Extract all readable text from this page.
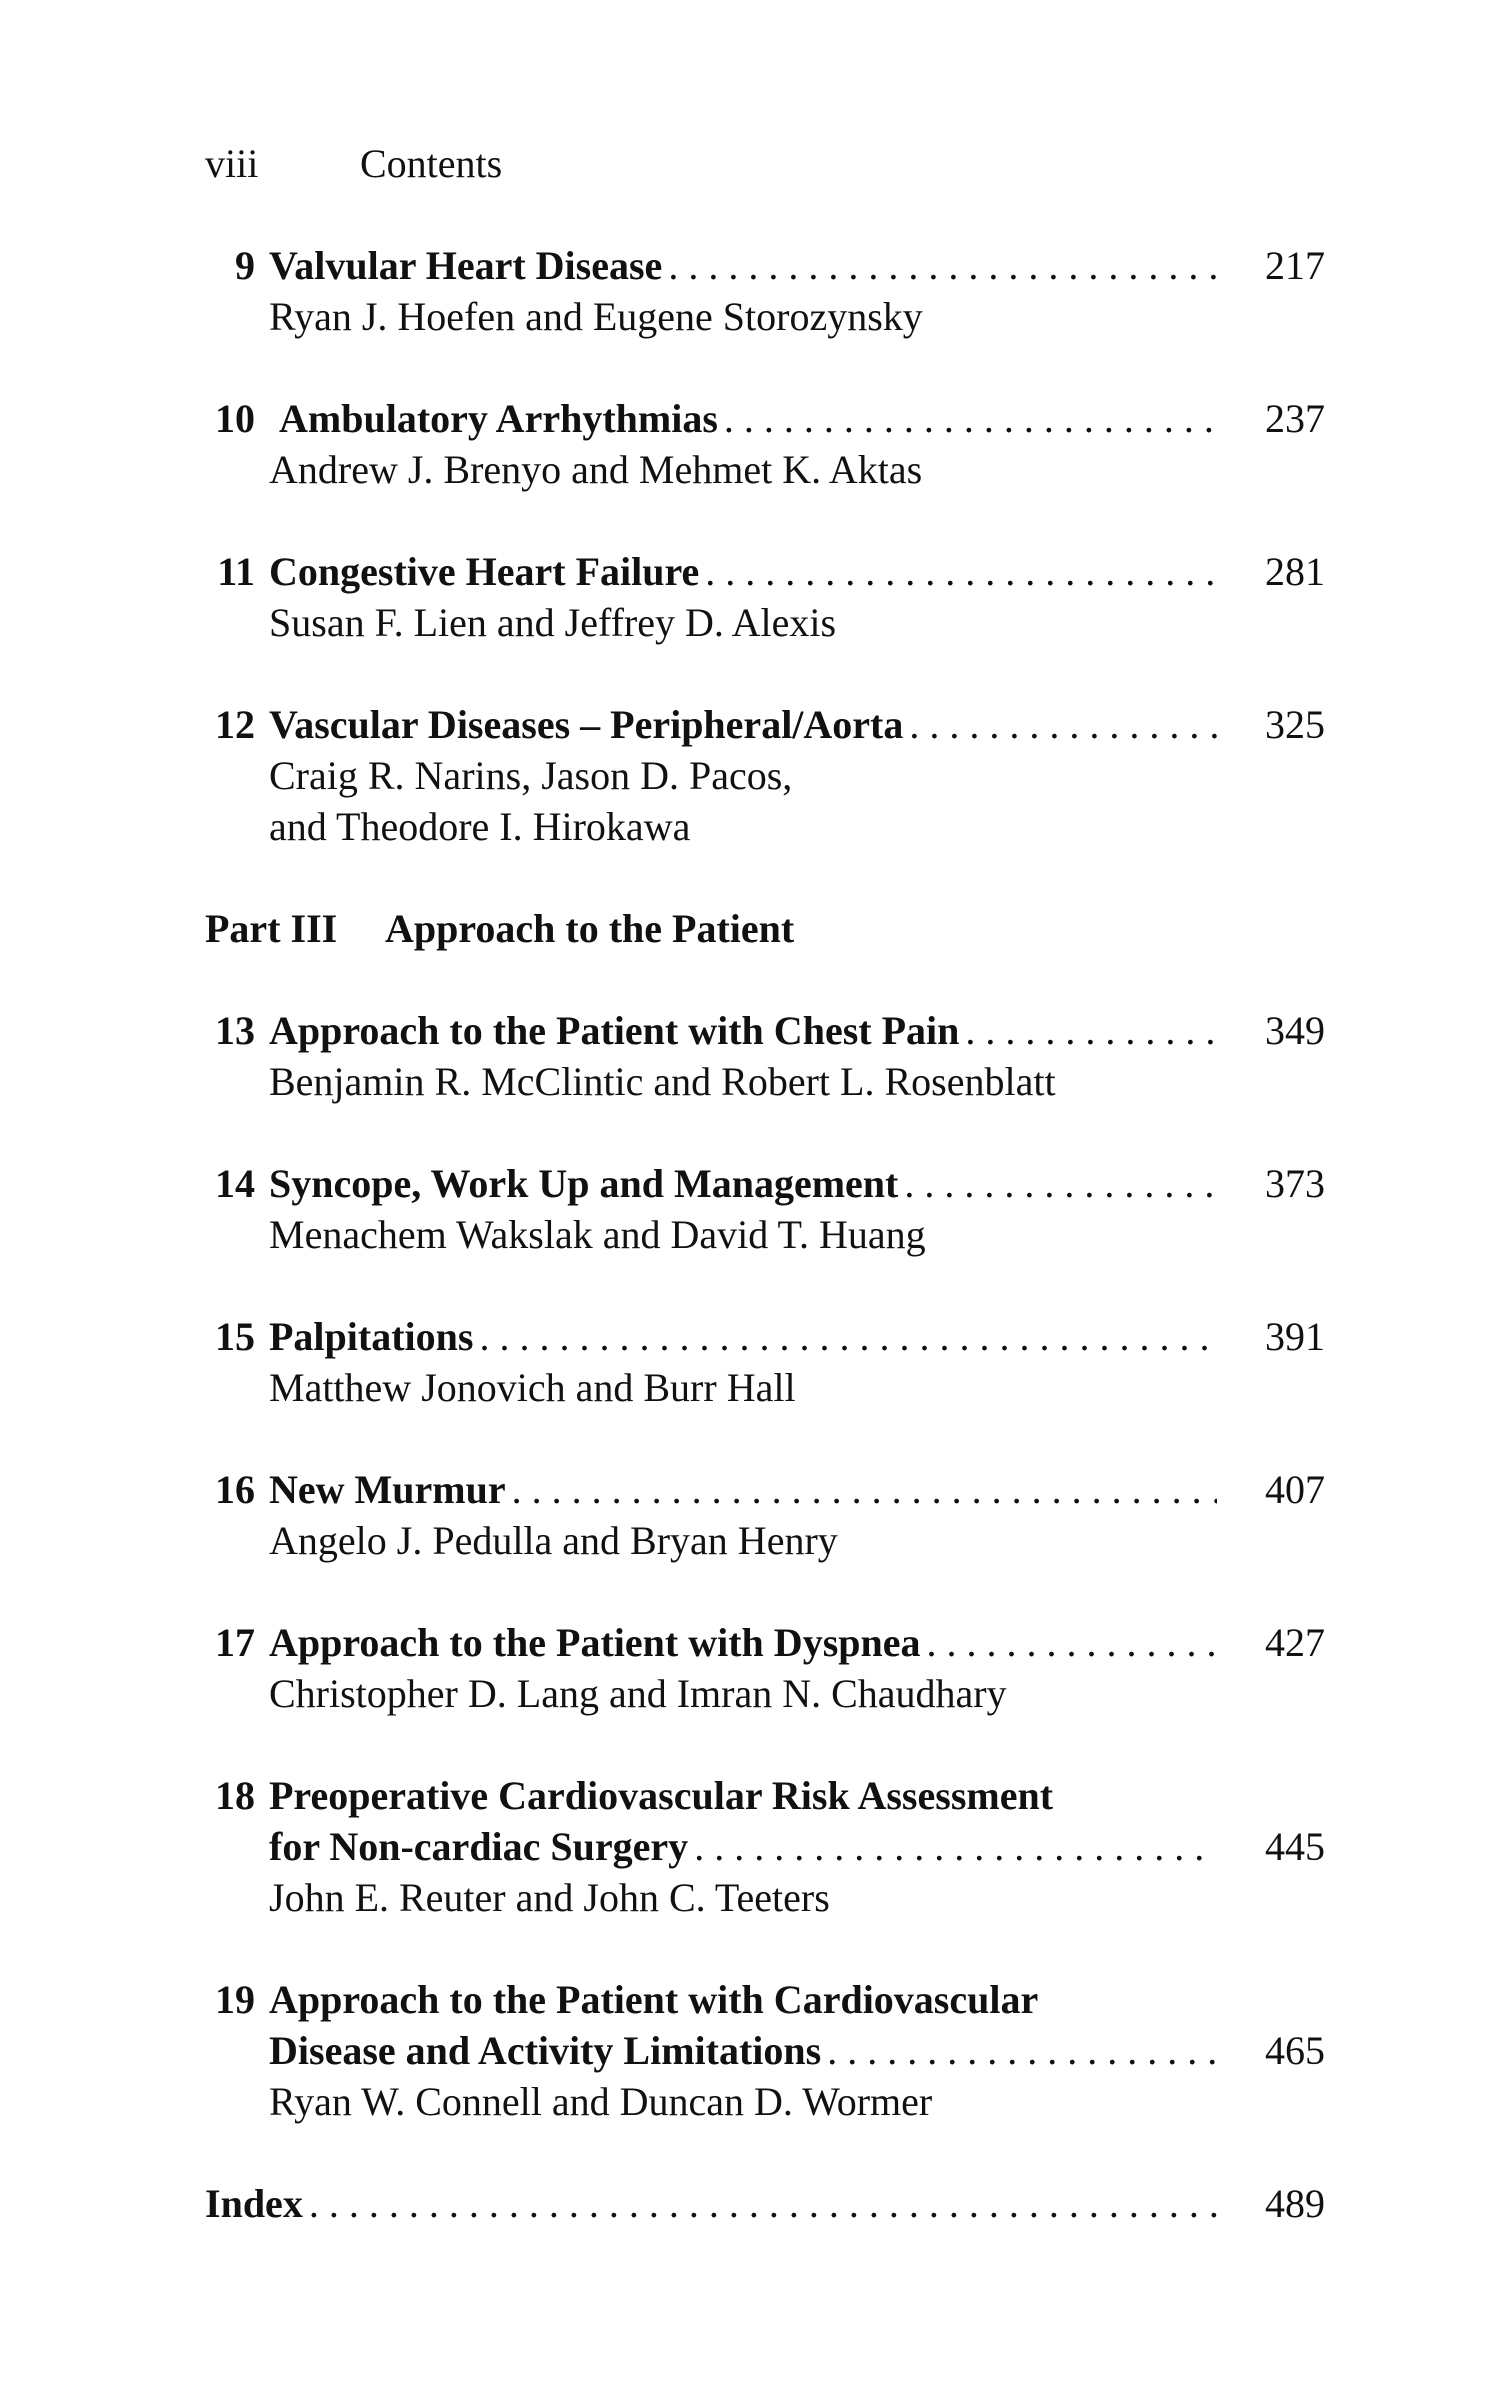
viii	Contents
9 Valvular Heart Disease . . .	217
Ryan J. Hoefen and Eugene Storozynsky
10 Ambulatory Arrhythmias . . .	237
Andrew J. Brenyo and Mehmet K. Aktas
11 Congestive Heart Failure . . .	281
Susan F. Lien and Jeffrey D. Alexis
12 Vascular Diseases – Peripheral/Aorta . . .	325
Craig R. Narins, Jason D. Pacos,
and Theodore I. Hirokawa
Part III Approach to the Patient
13 Approach to the Patient with Chest Pain . . .	349
Benjamin R. McClintic and Robert L. Rosenblatt
14 Syncope, Work Up and Management . . .	373
Menachem Wakslak and David T. Huang
15 Palpitations . . .	391
Matthew Jonovich and Burr Hall
16 New Murmur . . .	407
Angelo J. Pedulla and Bryan Henry
17 Approach to the Patient with Dyspnea . . .	427
Christopher D. Lang and Imran N. Chaudhary
18 Preoperative Cardiovascular Risk Assessment
for Non-cardiac Surgery . . .	445
John E. Reuter and John C. Teeters
19 Approach to the Patient with Cardiovascular
Disease and Activity Limitations . . .	465
Ryan W. Connell and Duncan D. Wormer
Index . . .	489
